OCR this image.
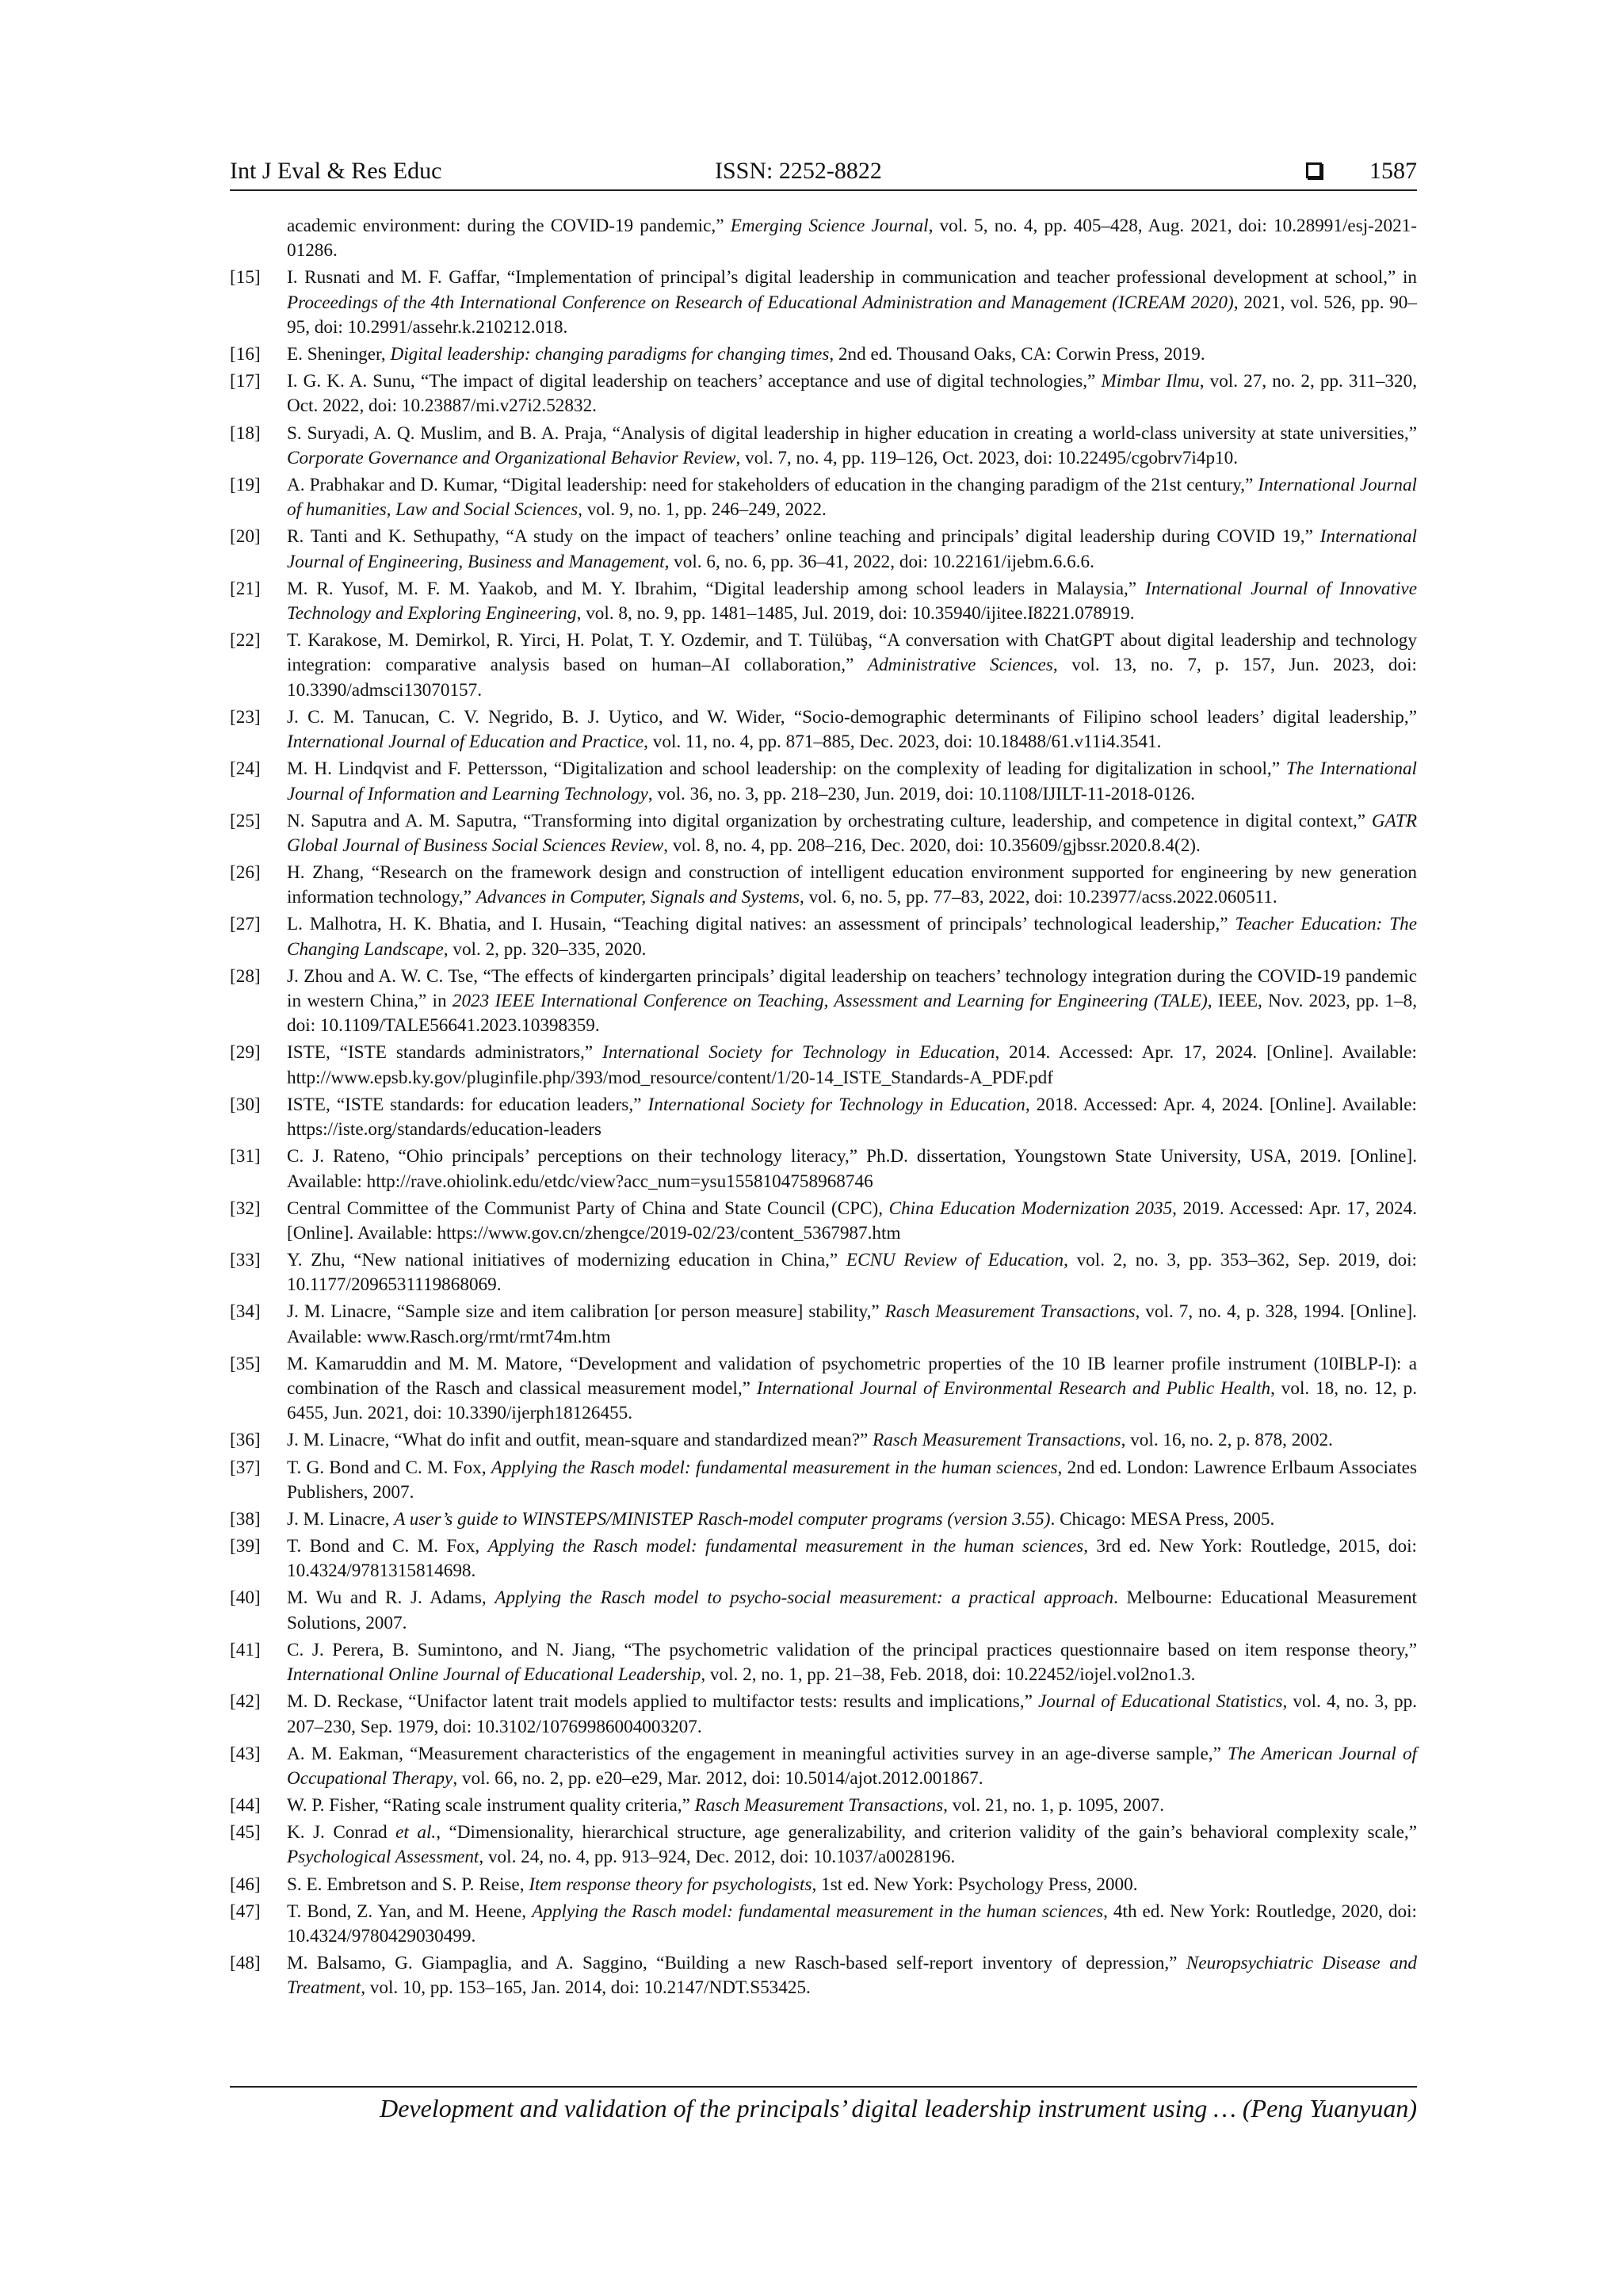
Int J Eval & Res Educ	ISSN: 2252-8822	1587
academic environment: during the COVID-19 pandemic,” Emerging Science Journal, vol. 5, no. 4, pp. 405–428, Aug. 2021, doi: 10.28991/esj-2021-01286.
[15]	I. Rusnati and M. F. Gaffar, “Implementation of principal’s digital leadership in communication and teacher professional development at school,” in Proceedings of the 4th International Conference on Research of Educational Administration and Management (ICREAM 2020), 2021, vol. 526, pp. 90–95, doi: 10.2991/assehr.k.210212.018.
[16]	E. Sheninger, Digital leadership: changing paradigms for changing times, 2nd ed. Thousand Oaks, CA: Corwin Press, 2019.
[17]	I. G. K. A. Sunu, “The impact of digital leadership on teachers’ acceptance and use of digital technologies,” Mimbar Ilmu, vol. 27, no. 2, pp. 311–320, Oct. 2022, doi: 10.23887/mi.v27i2.52832.
[18]	S. Suryadi, A. Q. Muslim, and B. A. Praja, “Analysis of digital leadership in higher education in creating a world-class university at state universities,” Corporate Governance and Organizational Behavior Review, vol. 7, no. 4, pp. 119–126, Oct. 2023, doi: 10.22495/cgobrv7i4p10.
[19]	A. Prabhakar and D. Kumar, “Digital leadership: need for stakeholders of education in the changing paradigm of the 21st century,” International Journal of humanities, Law and Social Sciences, vol. 9, no. 1, pp. 246–249, 2022.
[20]	R. Tanti and K. Sethupathy, “A study on the impact of teachers’ online teaching and principals’ digital leadership during COVID 19,” International Journal of Engineering, Business and Management, vol. 6, no. 6, pp. 36–41, 2022, doi: 10.22161/ijebm.6.6.6.
[21]	M. R. Yusof, M. F. M. Yaakob, and M. Y. Ibrahim, “Digital leadership among school leaders in Malaysia,” International Journal of Innovative Technology and Exploring Engineering, vol. 8, no. 9, pp. 1481–1485, Jul. 2019, doi: 10.35940/ijitee.I8221.078919.
[22]	T. Karakose, M. Demirkol, R. Yirci, H. Polat, T. Y. Ozdemir, and T. Tülübaş, “A conversation with ChatGPT about digital leadership and technology integration: comparative analysis based on human–AI collaboration,” Administrative Sciences, vol. 13, no. 7, p. 157, Jun. 2023, doi: 10.3390/admsci13070157.
[23]	J. C. M. Tanucan, C. V. Negrido, B. J. Uytico, and W. Wider, “Socio-demographic determinants of Filipino school leaders’ digital leadership,” International Journal of Education and Practice, vol. 11, no. 4, pp. 871–885, Dec. 2023, doi: 10.18488/61.v11i4.3541.
[24]	M. H. Lindqvist and F. Pettersson, “Digitalization and school leadership: on the complexity of leading for digitalization in school,” The International Journal of Information and Learning Technology, vol. 36, no. 3, pp. 218–230, Jun. 2019, doi: 10.1108/IJILT-11-2018-0126.
[25]	N. Saputra and A. M. Saputra, “Transforming into digital organization by orchestrating culture, leadership, and competence in digital context,” GATR Global Journal of Business Social Sciences Review, vol. 8, no. 4, pp. 208–216, Dec. 2020, doi: 10.35609/gjbssr.2020.8.4(2).
[26]	H. Zhang, “Research on the framework design and construction of intelligent education environment supported for engineering by new generation information technology,” Advances in Computer, Signals and Systems, vol. 6, no. 5, pp. 77–83, 2022, doi: 10.23977/acss.2022.060511.
[27]	L. Malhotra, H. K. Bhatia, and I. Husain, “Teaching digital natives: an assessment of principals’ technological leadership,” Teacher Education: The Changing Landscape, vol. 2, pp. 320–335, 2020.
[28]	J. Zhou and A. W. C. Tse, “The effects of kindergarten principals’ digital leadership on teachers’ technology integration during the COVID-19 pandemic in western China,” in 2023 IEEE International Conference on Teaching, Assessment and Learning for Engineering (TALE), IEEE, Nov. 2023, pp. 1–8, doi: 10.1109/TALE56641.2023.10398359.
[29]	ISTE, “ISTE standards administrators,” International Society for Technology in Education, 2014. Accessed: Apr. 17, 2024. [Online]. Available: http://www.epsb.ky.gov/pluginfile.php/393/mod_resource/content/1/20-14_ISTE_Standards-A_PDF.pdf
[30]	ISTE, “ISTE standards: for education leaders,” International Society for Technology in Education, 2018. Accessed: Apr. 4, 2024. [Online]. Available: https://iste.org/standards/education-leaders
[31]	C. J. Rateno, “Ohio principals’ perceptions on their technology literacy,” Ph.D. dissertation, Youngstown State University, USA, 2019. [Online]. Available: http://rave.ohiolink.edu/etdc/view?acc_num=ysu1558104758968746
[32]	Central Committee of the Communist Party of China and State Council (CPC), China Education Modernization 2035, 2019. Accessed: Apr. 17, 2024. [Online]. Available: https://www.gov.cn/zhengce/2019-02/23/content_5367987.htm
[33]	Y. Zhu, “New national initiatives of modernizing education in China,” ECNU Review of Education, vol. 2, no. 3, pp. 353–362, Sep. 2019, doi: 10.1177/2096531119868069.
[34]	J. M. Linacre, “Sample size and item calibration [or person measure] stability,” Rasch Measurement Transactions, vol. 7, no. 4, p. 328, 1994. [Online]. Available: www.Rasch.org/rmt/rmt74m.htm
[35]	M. Kamaruddin and M. M. Matore, “Development and validation of psychometric properties of the 10 IB learner profile instrument (10IBLP-I): a combination of the Rasch and classical measurement model,” International Journal of Environmental Research and Public Health, vol. 18, no. 12, p. 6455, Jun. 2021, doi: 10.3390/ijerph18126455.
[36]	J. M. Linacre, “What do infit and outfit, mean-square and standardized mean?” Rasch Measurement Transactions, vol. 16, no. 2, p. 878, 2002.
[37]	T. G. Bond and C. M. Fox, Applying the Rasch model: fundamental measurement in the human sciences, 2nd ed. London: Lawrence Erlbaum Associates Publishers, 2007.
[38]	J. M. Linacre, A user’s guide to WINSTEPS/MINISTEP Rasch-model computer programs (version 3.55). Chicago: MESA Press, 2005.
[39]	T. Bond and C. M. Fox, Applying the Rasch model: fundamental measurement in the human sciences, 3rd ed. New York: Routledge, 2015, doi: 10.4324/9781315814698.
[40]	M. Wu and R. J. Adams, Applying the Rasch model to psycho-social measurement: a practical approach. Melbourne: Educational Measurement Solutions, 2007.
[41]	C. J. Perera, B. Sumintono, and N. Jiang, “The psychometric validation of the principal practices questionnaire based on item response theory,” International Online Journal of Educational Leadership, vol. 2, no. 1, pp. 21–38, Feb. 2018, doi: 10.22452/iojel.vol2no1.3.
[42]	M. D. Reckase, “Unifactor latent trait models applied to multifactor tests: results and implications,” Journal of Educational Statistics, vol. 4, no. 3, pp. 207–230, Sep. 1979, doi: 10.3102/10769986004003207.
[43]	A. M. Eakman, “Measurement characteristics of the engagement in meaningful activities survey in an age-diverse sample,” The American Journal of Occupational Therapy, vol. 66, no. 2, pp. e20–e29, Mar. 2012, doi: 10.5014/ajot.2012.001867.
[44]	W. P. Fisher, “Rating scale instrument quality criteria,” Rasch Measurement Transactions, vol. 21, no. 1, p. 1095, 2007.
[45]	K. J. Conrad et al., “Dimensionality, hierarchical structure, age generalizability, and criterion validity of the gain’s behavioral complexity scale,” Psychological Assessment, vol. 24, no. 4, pp. 913–924, Dec. 2012, doi: 10.1037/a0028196.
[46]	S. E. Embretson and S. P. Reise, Item response theory for psychologists, 1st ed. New York: Psychology Press, 2000.
[47]	T. Bond, Z. Yan, and M. Heene, Applying the Rasch model: fundamental measurement in the human sciences, 4th ed. New York: Routledge, 2020, doi: 10.4324/9780429030499.
[48]	M. Balsamo, G. Giampaglia, and A. Saggino, “Building a new Rasch-based self-report inventory of depression,” Neuropsychiatric Disease and Treatment, vol. 10, pp. 153–165, Jan. 2014, doi: 10.2147/NDT.S53425.
Development and validation of the principals’ digital leadership instrument using … (Peng Yuanyuan)
